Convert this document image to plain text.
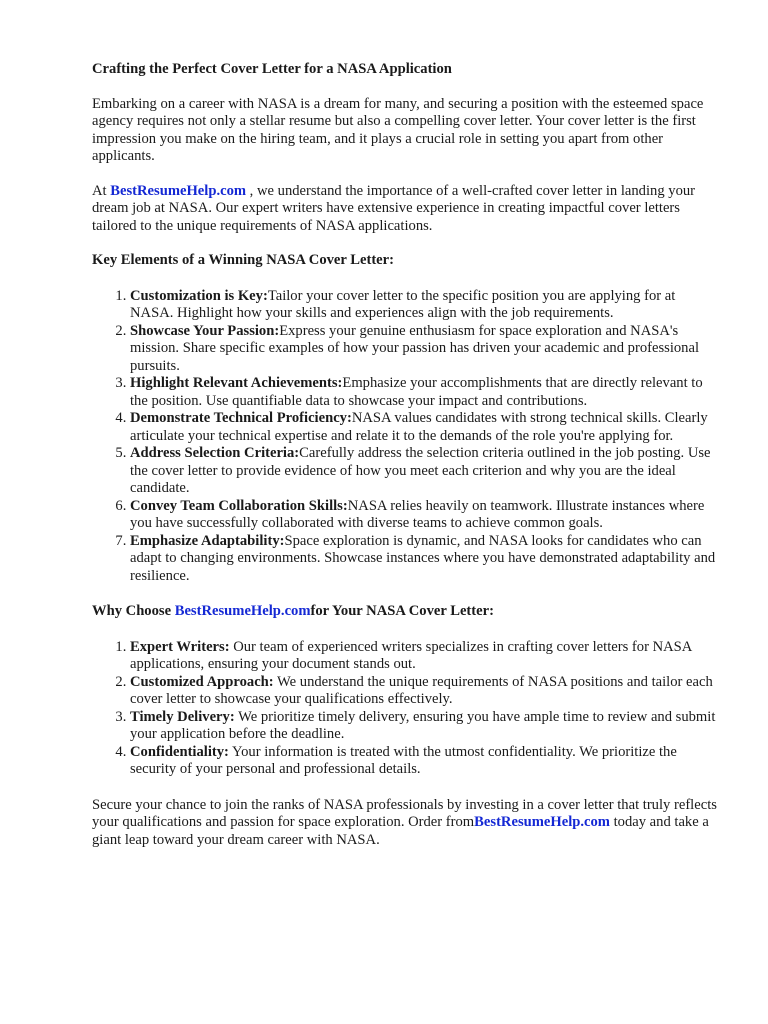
Crafting the Perfect Cover Letter for a NASA Application

Embarking on a career with NASA is a dream for many, and securing a position with the esteemed space agency requires not only a stellar resume but also a compelling cover letter. Your cover letter is the first impression you make on the hiring team, and it plays a crucial role in setting you apart from other applicants.

At BestResumeHelp.com , we understand the importance of a well-crafted cover letter in landing your dream job at NASA. Our expert writers have extensive experience in creating impactful cover letters tailored to the unique requirements of NASA applications.

Key Elements of a Winning NASA Cover Letter:
1. Customization is Key:Tailor your cover letter to the specific position you are applying for at NASA. Highlight how your skills and experiences align with the job requirements.
2. Showcase Your Passion:Express your genuine enthusiasm for space exploration and NASA's mission. Share specific examples of how your passion has driven your academic and professional pursuits.
3. Highlight Relevant Achievements:Emphasize your accomplishments that are directly relevant to the position. Use quantifiable data to showcase your impact and contributions.
4. Demonstrate Technical Proficiency:NASA values candidates with strong technical skills. Clearly articulate your technical expertise and relate it to the demands of the role you're applying for.
5. Address Selection Criteria:Carefully address the selection criteria outlined in the job posting. Use the cover letter to provide evidence of how you meet each criterion and why you are the ideal candidate.
6. Convey Team Collaboration Skills:NASA relies heavily on teamwork. Illustrate instances where you have successfully collaborated with diverse teams to achieve common goals.
7. Emphasize Adaptability:Space exploration is dynamic, and NASA looks for candidates who can adapt to changing environments. Showcase instances where you have demonstrated adaptability and resilience.
Why Choose BestResumeHelp.comfor Your NASA Cover Letter:
1. Expert Writers: Our team of experienced writers specializes in crafting cover letters for NASA applications, ensuring your document stands out.
2. Customized Approach: We understand the unique requirements of NASA positions and tailor each cover letter to showcase your qualifications effectively.
3. Timely Delivery: We prioritize timely delivery, ensuring you have ample time to review and submit your application before the deadline.
4. Confidentiality: Your information is treated with the utmost confidentiality. We prioritize the security of your personal and professional details.

Secure your chance to join the ranks of NASA professionals by investing in a cover letter that truly reflects your qualifications and passion for space exploration. Order fromBestResumeHelp.com today and take a giant leap toward your dream career with NASA.
